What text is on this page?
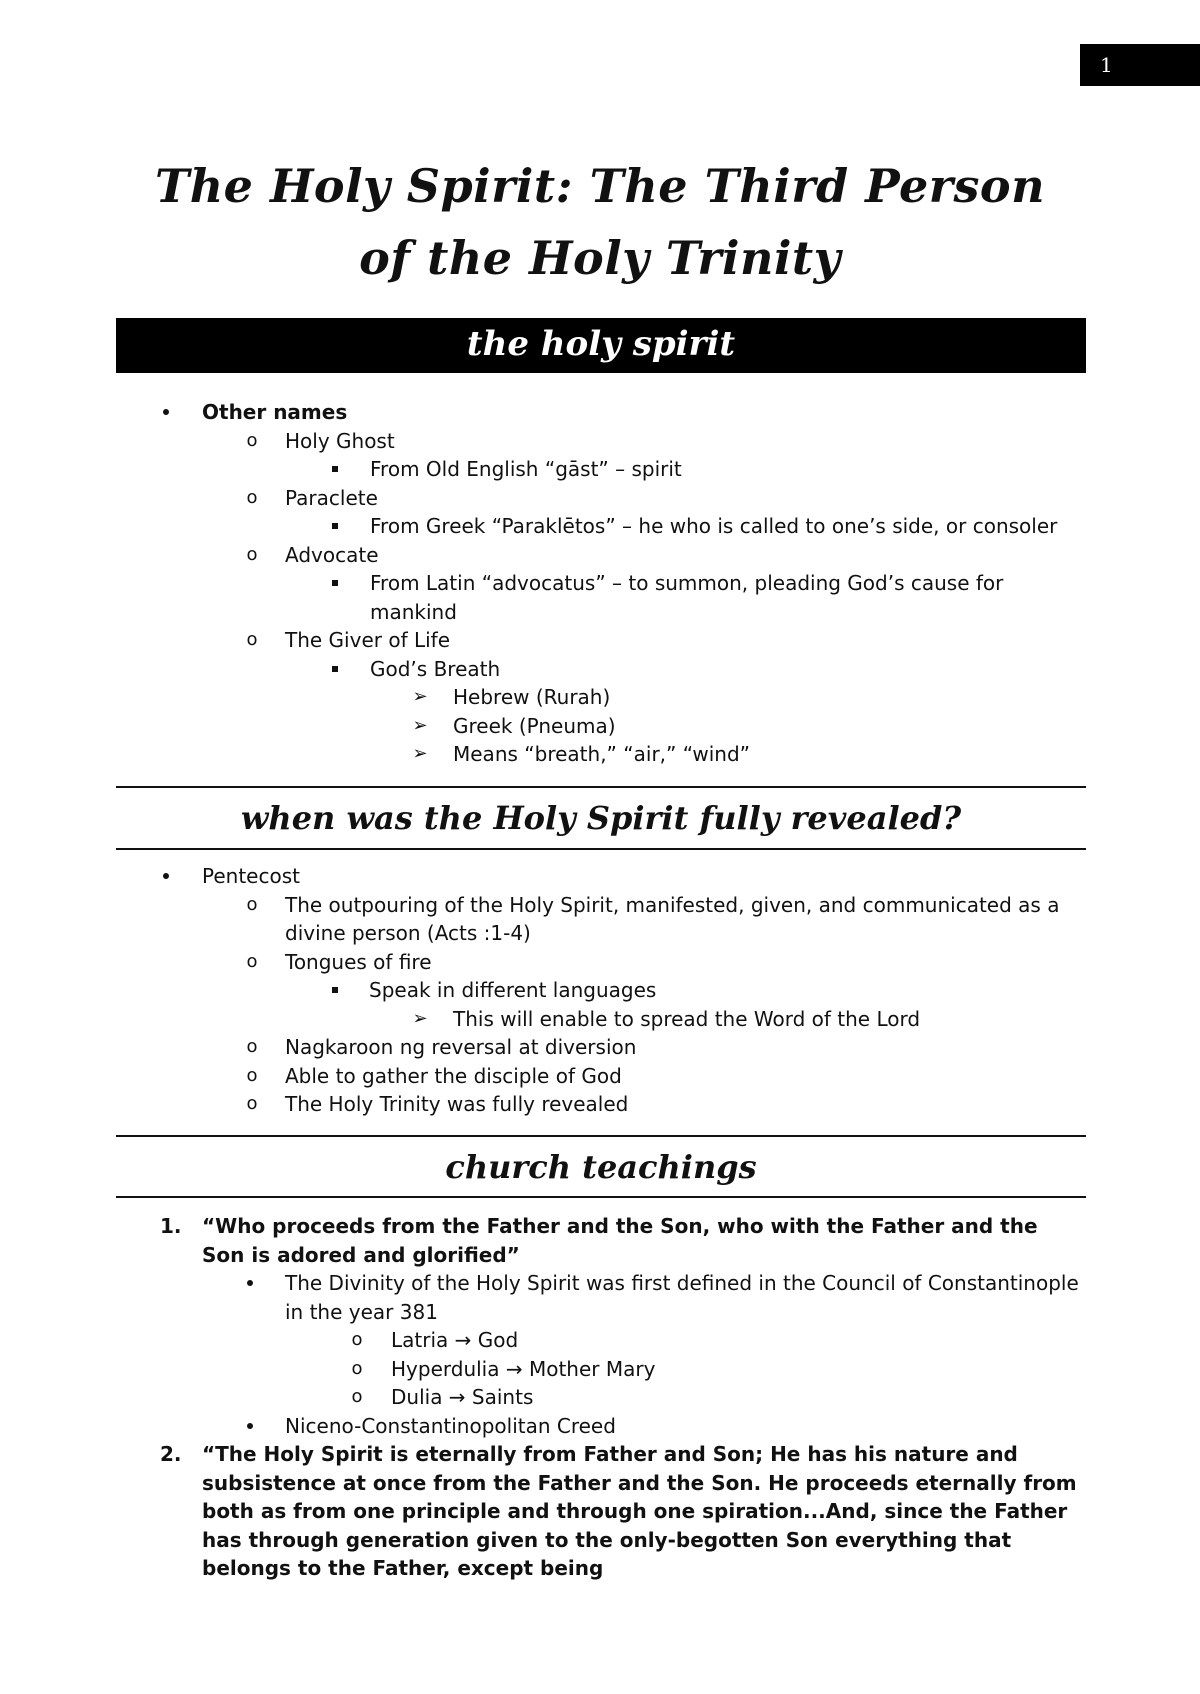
1
The Holy Spirit: The Third Person of the Holy Trinity
the holy spirit
Other names
o	Holy Ghost
From Old English “gāst” – spirit
o	Paraclete
From Greek “Paraklētos” – he who is called to one’s side, or consoler
o	Advocate
From Latin “advocatus” – to summon, pleading God’s cause for mankind
o	The Giver of Life
God’s Breath
➢ Hebrew (Rurah)
➢ Greek (Pneuma)
➢ Means “breath,” “air,” “wind”
when was the Holy Spirit fully revealed?
Pentecost
o	The outpouring of the Holy Spirit, manifested, given, and communicated as a divine person (Acts :1-4)
o	Tongues of fire
Speak in different languages
➢ This will enable to spread the Word of the Lord
o	Nagkaroon ng reversal at diversion
o	Able to gather the disciple of God
o	The Holy Trinity was fully revealed
church teachings
1. “Who proceeds from the Father and the Son, who with the Father and the Son is adored and glorified”
The Divinity of the Holy Spirit was first defined in the Council of Constantinople in the year 381
o	Latria → God
o	Hyperdulia → Mother Mary
o	Dulia → Saints
Niceno-Constantinopolitan Creed
2. “The Holy Spirit is eternally from Father and Son; He has his nature and subsistence at once from the Father and the Son. He proceeds eternally from both as from one principle and through one spiration...And, since the Father has through generation given to the only-begotten Son everything that belongs to the Father, except being
